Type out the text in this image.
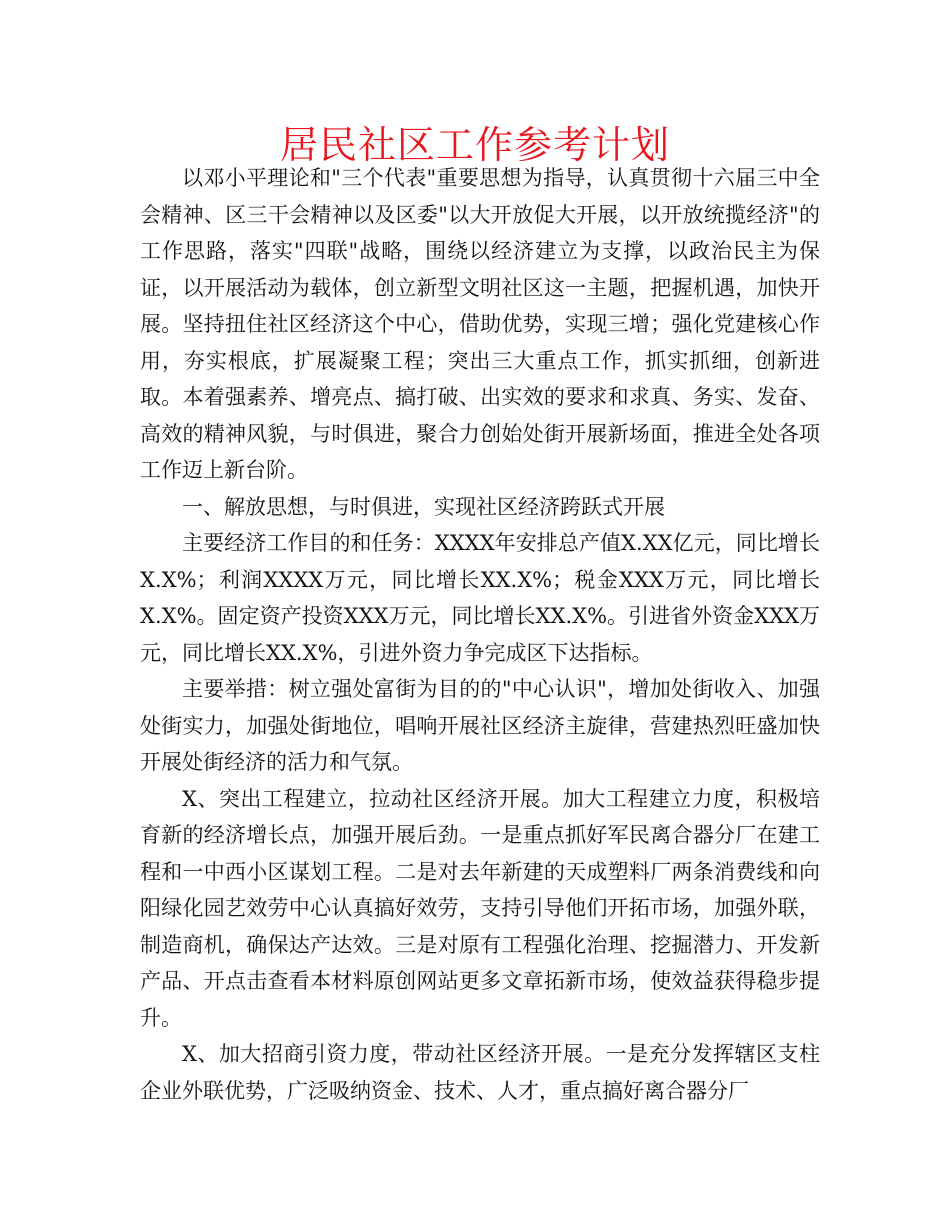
居民社区工作参考计划

以邓小平理论和"三个代表"重要思想为指导，认真贯彻十六届三中全会精神、区三干会精神以及区委"以大开放促大开展，以开放统揽经济"的工作思路，落实"四联"战略，围绕以经济建立为支撑，以政治民主为保证，以开展活动为载体，创立新型文明社区这一主题，把握机遇，加快开展。坚持扭住社区经济这个中心，借助优势，实现三增；强化党建核心作用，夯实根底，扩展凝聚工程；突出三大重点工作，抓实抓细，创新进取。本着强素养、增亮点、搞打破、出实效的要求和求真、务实、发奋、高效的精神风貌，与时俱进，聚合力创始处街开展新场面，推进全处各项工作迈上新台阶。

一、解放思想，与时俱进，实现社区经济跨跃式开展

主要经济工作目的和任务：XXXX年安排总产值X.XX亿元，同比增长X.X%；利润XXXX万元，同比增长XX.X%；税金XXX万元，同比增长X.X%。固定资产投资XXX万元，同比增长XX.X%。引进省外资金XXX万元，同比增长XX.X%，引进外资力争完成区下达指标。

主要举措：树立强处富街为目的的"中心认识"，增加处街收入、加强处街实力，加强处街地位，唱响开展社区经济主旋律，营建热烈旺盛加快开展处街经济的活力和气氛。

X、突出工程建立，拉动社区经济开展。加大工程建立力度，积极培育新的经济增长点，加强开展后劲。一是重点抓好军民离合器分厂在建工程和一中西小区谋划工程。二是对去年新建的天成塑料厂两条消费线和向阳绿化园艺效劳中心认真搞好效劳，支持引导他们开拓市场，加强外联，制造商机，确保达产达效。三是对原有工程强化治理、挖掘潜力、开发新产品、开点击查看本材料原创网站更多文章拓新市场，使效益获得稳步提升。

X、加大招商引资力度，带动社区经济开展。一是充分发挥辖区支柱企业外联优势，广泛吸纳资金、技术、人才，重点搞好离合器分厂
